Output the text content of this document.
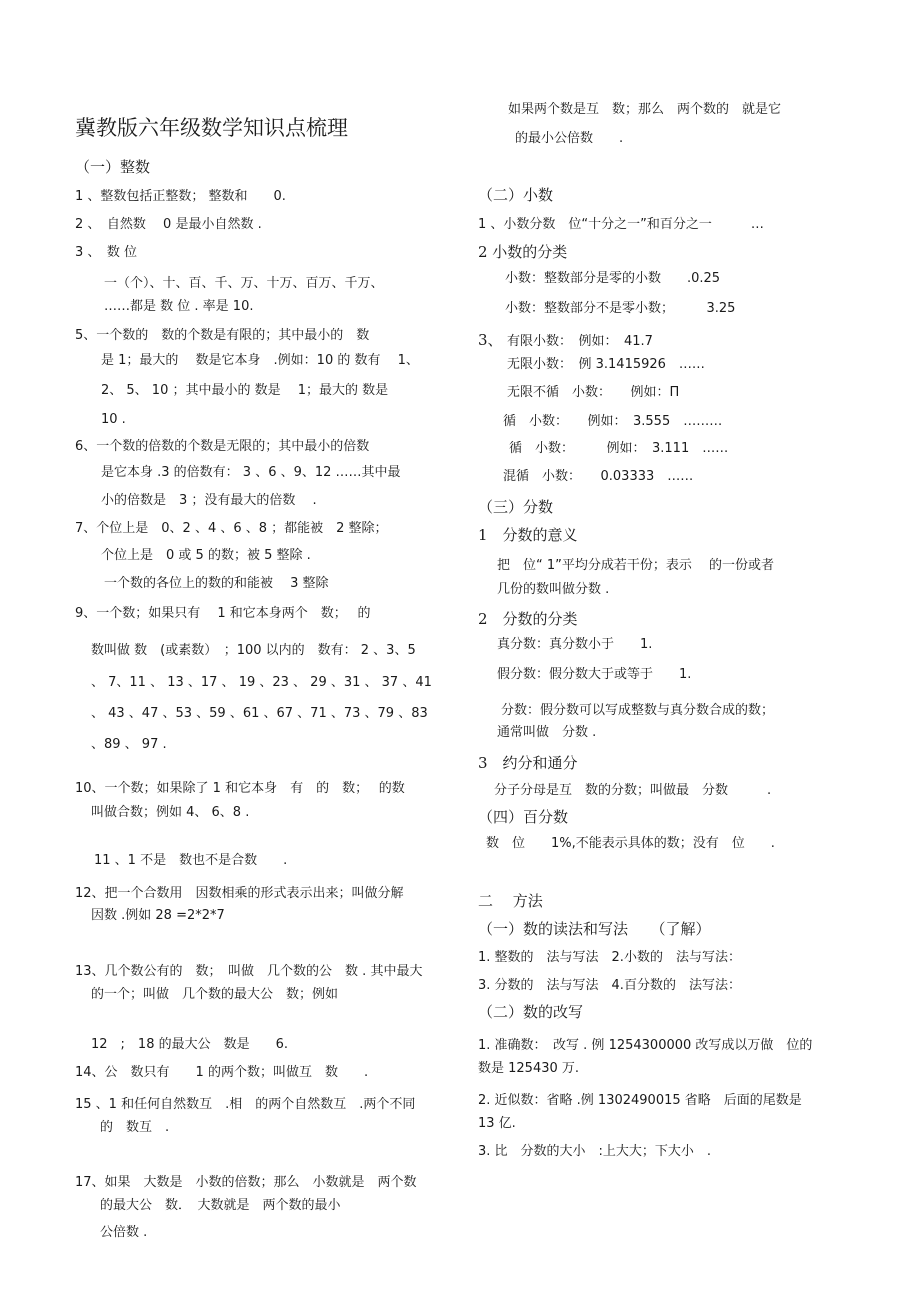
冀教版六年级数学知识点梳理
（一）整数
1 、整数包括正整数； 整数和　　0.
2 、　自然数　 0 是最小自然数 .
3 、　数 位
一（个）、十、百、千、万、十万、百万、千万、
……都是 数 位 . 率是 10.
5、一个数的　数的个数是有限的；其中最小的　数
是 1；最大的　 数是它本身　.例如：10 的 数有　 1、
2、 5、 10 ；其中最小的 数是　 1；最大的 数是
10 .
6、一个数的倍数的个数是无限的；其中最小的倍数
是它本身 .3 的倍数有： 3 、6 、9、12 ……其中最
小的倍数是　3 ；没有最大的倍数　 .
7、个位上是　0、2 、4 、6 、8 ；都能被　2 整除；
个位上是　0 或 5 的数；被 5 整除 .
一个数的各位上的数的和能被　 3 整除
9、一个数；如果只有　 1 和它本身两个　数；　 的
数叫做 数　(或素数）　；100 以内的　数有： 2 、3、5
、 7、11 、 13 、17 、 19 、23 、 29 、31 、 37 、41
、 43 、47 、53 、59 、61 、67 、71 、73 、79 、83
、89 、 97 .
10、一个数；如果除了 1 和它本身　有　的　数；　 的数
叫做合数；例如 4、 6、8 .
11 、1 不是　数也不是合数　　.
12、把一个合数用　因数相乘的形式表示出来；叫做分解
因数 .例如 28 =2*2*7
13、几个数公有的　数；　叫做　几个数的公　数 . 其中最大
的一个；叫做　几个数的最大公　数；例如
12　;　18 的最大公　数是　　6.
14、公　数只有　　1 的两个数；叫做互　数　　.
15 、1 和任何自然数互　.相　的两个自然数互　.两个不同
的　数互　.
17、如果　大数是　小数的倍数；那么　小数就是　两个数
的最大公　数．　大数就是　两个数的最小
公倍数 .
如果两个数是互　数；那么　两个数的　就是它
的最小公倍数　　.
（二）小数
1 、小数分数　位“十分之一”和百分之一　　　…
2 小数的分类
小数：整数部分是零的小数　　.0.25
小数：整数部分不是零小数；　　　3.25
3、 有限小数：　例如：　41.7
无限小数：　例 3.1415926　……
无限不循　小数：　　例如：Π
循　小数：　　例如：　3.555　………
循　小数：　　　例如：　3.111　……
混循　小数：　　0.03333　……
（三）分数
1　分数的意义
把　位“ 1”平均分成若干份；表示　 的一份或者
几份的数叫做分数 .
2　分数的分类
真分数：真分数小于　　1.
假分数：假分数大于或等于　　1.
分数：假分数可以写成整数与真分数合成的数；
通常叫做　分数 .
3　约分和通分
分子分母是互　数的分数；叫做最　分数　　　.
（四）百分数
数　位　　1%,不能表示具体的数；没有　位　　.
二　 方法
（一）数的读法和写法　　（了解）
1. 整数的　法与写法　2.小数的　法与写法：
3. 分数的　法与写法　4.百分数的　法写法：
（二）数的改写
1. 准确数：　改写 . 例 1254300000 改写成以万做　位的
数是 125430 万.
2. 近似数：省略 .例 1302490015 省略　后面的尾数是
13 亿.
3. 比　分数的大小　:上大大；下大小　.
